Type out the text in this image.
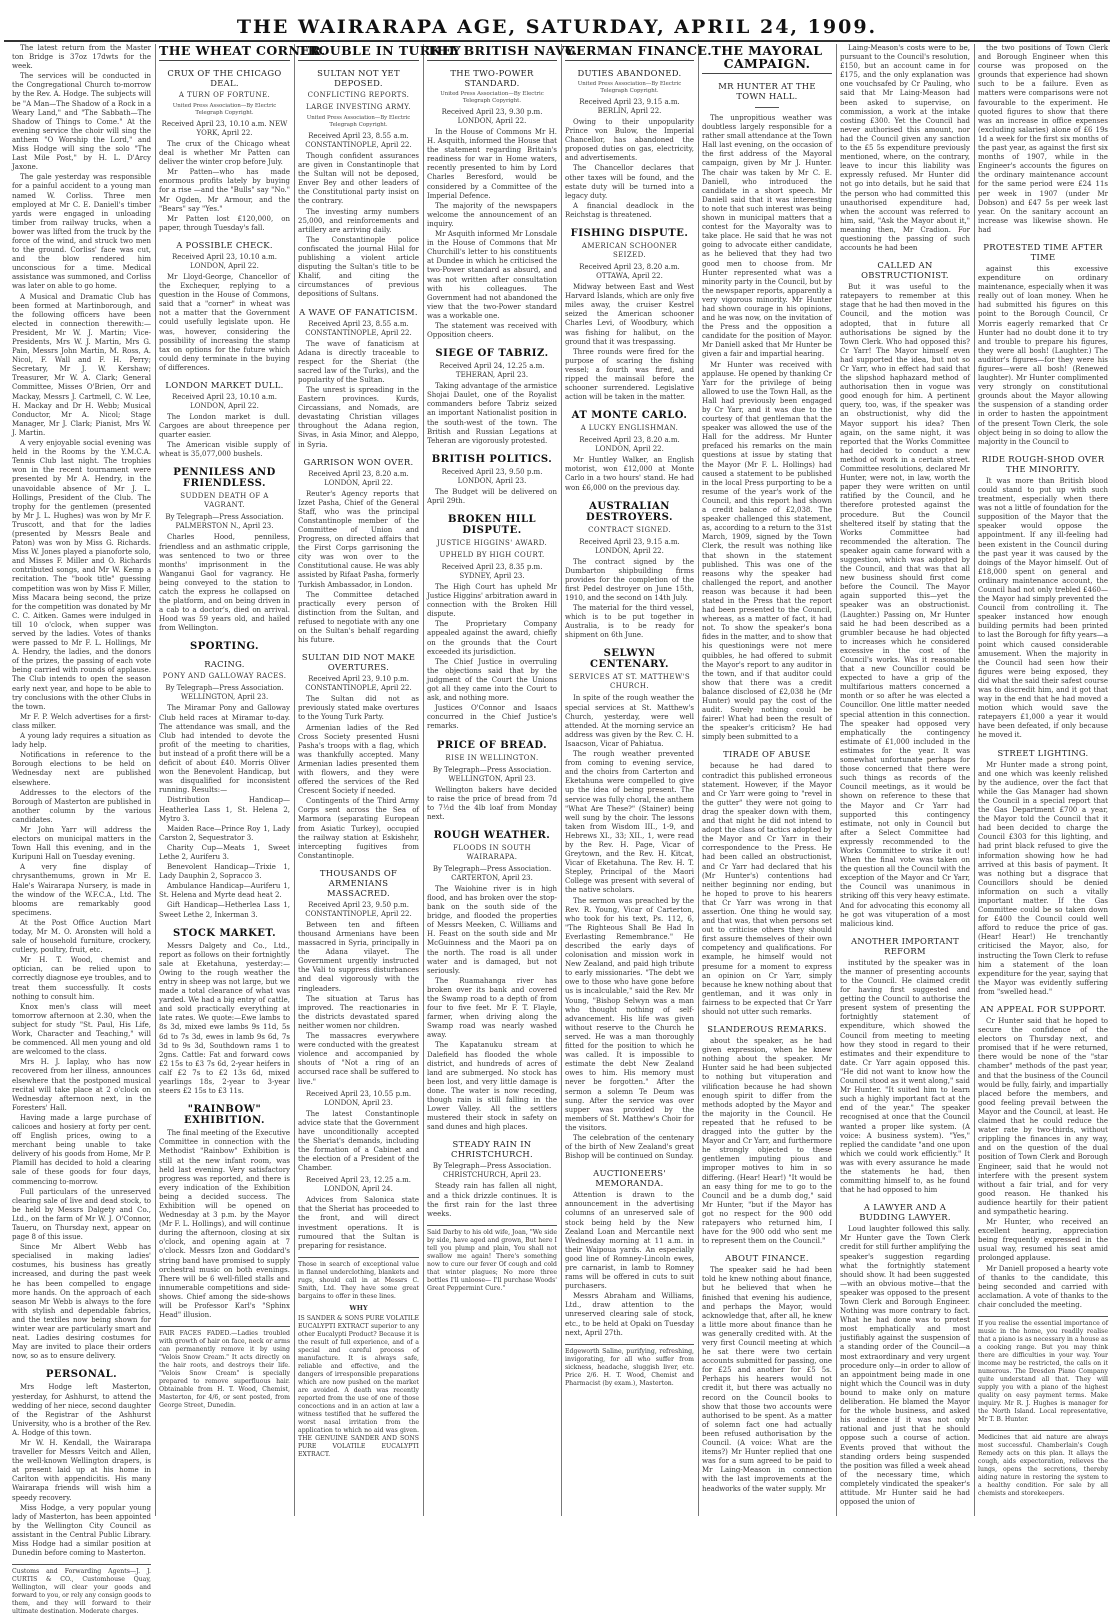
THE WAIRARAPA AGE, SATURDAY, APRIL 24, 1909.
The latest return from the Master ton Bridge is 37oz 17dwts for the week.
The services will be conducted in the Congregational Church to-morrow by the Rev. A. Hodge. The subjects will be "A Man—The Shadow of a Rock in a Weary Land," and "The Sabbath—The Shadow of Things to Come." At the evening service the choir will sing the anthem "O Worship the Lord," and Miss Hodge will sing the solo "The Last Mile Post," by H. L. D'Arcy Jaxone.
The gale yesterday was responsible for a painful accident to a young man named W. Corliss. Three men employed at Mr C. E. Daniell's timber yards were engaged in unloading timber from railway trucks, when a bower was lifted from the truck by the force of the wind, and struck two men to the ground. Corliss' face was cut, and the blow rendered him unconscious for a time. Medical assistance was summoned, and Corliss was later on able to go home.
A Musical and Dramatic Club has been formed at Martinborough, and the following officers have been elected in connection therewith:—President, Mr W. J. Martin; Vice-Presidents, Mrs W. J. Martin, Mrs G. Pain, Messrs John Martin, M. Ross, A. Nicol, F. Wall and F. H. Perry; Secretary, Mr J. W. Kershaw; Treasurer, Mr W. A. Clark; General Committee, Misses O'Brien, Orr and Mackay, Messrs J. Cartmell, C. W. Lee, H. Mackay and Dr H. Webb; Musical Conductor, Mr A. Nicol; Stage Manager, Mr J. Clark; Pianist, Mrs W. J. Martin.
A very enjoyable social evening was held in the Rooms by the Y.M.C.A. Tennis Club last night. The trophies won in the recent tournament were presented by Mr A. Hendry, in the unavoidable absence of Mr J. L. Hollings, President of the Club. The trophy for the gentlemen (presented by Mr J. L. Hughes) was won by Mr F. Truscott, and that for the ladies (presented by Messrs Beale and Paton) was won by Miss G. Richards. Miss W. Jones played a pianoforte solo, and Misses F. Miller and O. Richards contributed songs, and Mr W. Kemp a recitation. The "book title" guessing competition was won by Miss F. Miller, Miss Macara being second, the prize for the competition was donated by Mr C. C. Aitken. Games were indulged in till 10 o'clock, when supper was served by the ladies. Votes of thanks were passed to Mr F. L. Hollings, Mr A. Hendry, the ladies, and the donors of the prizes, the passing of each vote being carried with rounds of applause. The Club intends to open the season early next year, and hope to be able to try conclusions with the other Clubs in the town.
Mr F. P. Welch advertises for a first-class milker.
A young lady requires a situation as lady help.
Notifications in reference to the Borough elections to be held on Wednesday next are published elsewhere.
Addresses to the electors of the Borough of Masterton are published in another column by the various candidates.
Mr John Yarr will address the electors on municipal matters in the Town Hall this evening, and in the Kuripuni Hall on Tuesday evening.
A very fine display of chrysanthemums, grown in Mr E. Hale's Wairarapa Nursery, is made in the window of the W.F.C.A., Ltd. The blooms are remarkably good specimens.
At the Post Office Auction Mart today, Mr M. O. Aronsten will hold a sale of household furniture, crockery, cutlery, poultry, fruit, etc.
Mr H. T. Wood, chemist and optician, can be relied upon to correctly diagnose eye troubles, and to treat them successfully. It costs nothing to consult him.
Knox men's class will meet tomorrow afternoon at 2.30, when the subject for study "St. Paul, His Life, Work, Character and Teaching," will be commenced. All men young and old are welcomed to the class.
Mrs H. J. Iaplay, who has now recovered from her illness, announces elsewhere that the postponed musical recital will take place at 2 o'clock on Wednesday afternoon next, in the Foresters' Hall.
Having made a large purchase of calicoes and hosiery at forty per cent. off English prices, owing to a merchant being unable to take delivery of his goods from Home, Mr P. Plamill has decided to hold a clearing sale of these goods for four days, commencing to-morrow.
Full particulars of the unreserved clearing sale of live and dead stock, to be held by Messrs Dalgety and Co., Ltd., on the farm of Mr W. J. O'Connor, Taueru, on Thursday next, appear on page 8 of this issue.
Since Mr Albert Webb has specialised in making ladies' costumes, his business has greatly increased, and during the past week he has been compelled to engage more hands. On the approach of each season Mr Webb is always to the fore with stylish and dependable fabrics, and the textiles now being shown for winter wear are particularly smart and neat. Ladies desiring costumes for May are invited to place their orders now, so as to ensure delivery.
PERSONAL.
Mrs Hodge left Masterton, yesterday, for Ashhurst, to attend the wedding of her niece, second daughter of the Registrar of the Ashhurst University, who is a brother of the Rev. A. Hodge of this town.
Mr W. H. Kendall, the Wairarapa traveller for Messrs Veitch and Allen, the well-known Wellington drapers, is at present laid up at his home in Carlton with appendicitis. His many Wairarapa friends will wish him a speedy recovery.
Miss Hodge, a very popular young lady of Masterton, has been appointed by the Wellington City Council as assistant in the Central Public Library. Miss Hodge had a similar position at Dunedin before coming to Masterton.
Customs and Forwarding Agents—J. J. CURTIS & CO., Customhouse Quay, Wellington, will clear your goods and forward to you, or rely any consign goods to them, and they will forward to their ultimate destination. Moderate charges.
THE WHEAT CORNER.
CRUX OF THE CHICAGO DEAL.
A TURN OF FORTUNE.
United Press Association—By Electric Telegraph Copyright.
Received April 23, 10.10 a.m. NEW YORK, April 22.
The crux of the Chicago wheat deal is whether Mr Patten can deliver the winter crop before July.
Mr Patten—who has made enormous profits lately by buying for a rise —and the "Bulls" say "No." Mr Ogden, Mr Armour, and the "Bears" say "Yes."
Mr Patten lost £120,000, on paper, through Tuesday's fall.
A POSSIBLE CHECK.
Received April 23, 10.10 a.m. LONDON, April 22.
Mr Lloyd-George, Chancellor of the Exchequer, replying to a question in the House of Commons, said that a "corner" in wheat was not a matter that the Government could usefully legislate upon. He was, however, considering the possibility of increasing the stamp tax on options for the future which could deny terminate in the buying of differences.
LONDON MARKET DULL.
Received April 23, 10.10 a.m. LONDON, April 22.
The London market is dull. Cargoes are about threepence per quarter easier.
The American visible supply of wheat is 35,077,000 bushels.
PENNILESS AND FRIENDLESS.
SUDDEN DEATH OF A VAGRANT.
By Telegraph—Press Association. PALMERSTON N., April 23.
Charles Hood, penniless, friendless and an asthmatic cripple, was sentenced to two or three months' imprisonment in the Wanganui Gaol for vagrancy. He being conveyed to the station to catch the express he collapsed on the platform, and on being driven in a cab to a doctor's, died on arrival. Hood was 59 years old, and hailed from Wellington.
SPORTING.
RACING.
PONY AND GALLOWAY RACES.
By Telegraph—Press Association. WELLINGTON, April 23.
The Miramar Pony and Galloway Club held races at Miramar to-day. The attendance was small, and the Club had intended to devote the profit of the meeting to charities, but instead of a profit there will be a deficit of about £40. Morris Oliver won the Benevolent Handicap, but was disqualified for inconsistent running. Results:—
Distribution Handicap—Heatherlea Lass 1, St. Helena 2, Mytro 3.
Maiden Race—Prince Roy 1, Lady Carston 2, Sequestrator 3.
Charity Cup—Meats 1, Sweet Lethe 2, Auriferu 3.
Benevolent Handicap—Trixie 1, Lady Dauphin 2, Sopracco 3.
Ambulance Handicap—Auriferu 1, St. Helena and Myrte dead heat 2.
Gift Handicap—Hetherlea Lass 1, Sweet Lethe 2, Inkerman 3.
STOCK MARKET.
Messrs Dalgety and Co., Ltd., report as follows on their fortnightly sale at Eketahuna, yesterday:—Owing to the rough weather the entry in sheep was not large, but we made a total clearance of what was yarded. We had a big entry of cattle, and sold practically everything at late rates. We quote:—Ewe lambs to 8s 3d, mixed ewe lambs 9s 11d, 5s 6d to 7s 3d, ewes in lamb 9s 6d, 7s 3d to 9s 3d, Southdown rams 1 to 2gns. Cattle: Fat and forward cows £2 15s to £3 7s 6d, 2-year heifers in calf £2 7s to £2 13s 6d, mixed yearlings 18s, 2-year to 3-year steers £2 15s to £3 11s.
"RAINBOW" EXHIBITION.
The final meeting of the Executive Committee in connection with the Methodist "Rainbow" Exhibition is still at the new infant room, was held last evening. Very satisfactory progress was reported, and there is every indication of the Exhibition being a decided success. The Exhibition will be opened on Wednesday at 3 p.m. by the Mayor (Mr F. L. Hollings), and will continue during the afternoon, closing at six o'clock, and opening again at 7 o'clock. Messrs Izon and Goddard's string band have promised to supply orchestral music on both evenings. There will be 6 well-filled stalls and innumerable competitions and side-shows. Chief among the side-shows will be Professor Karl's "Sphinx Head" illusion.
FAIR FACES FADED.—Ladies troubled with growth of hair on face, neck or arms can permanently remove it by using "Velois Snow Cream." It acts directly on the hair roots, and destroys their life. "Velois Snow Cream" is specially prepared to remove superfluous hair. Obtainable from H. T. Wood, Chemist, Masterton, for 4/6, or sent posted, from George Street, Dunedin.
TROUBLE IN TURKEY
SULTAN NOT YET DEPOSED.
CONFLICTING REPORTS.
LARGE INVESTING ARMY.
United Press Association—By Electric Telegraph Copyright.
Received April 23, 8.55 a.m. CONSTANTINOPLE, April 22.
Though confident assurances are given in Constantinople that the Sultan will not be deposed, Enver Bey and other leaders of the Constitutional party insist on the contrary.
The investing army numbers 25,000, and reinforcements and artillery are arriving daily.
The Constantinople police confiscated the journal Hilal for publishing a violent article disputing the Sultan's title to be Khalif, and citing the circumstances of previous depositions of Sultans.
A WAVE OF FANATICISM.
Received April 23, 8.55 a.m. CONSTANTINOPLE, April 22.
The wave of fanaticism at Adana is directly traceable to respect for the Sheriat (the sacred law of the Turks), and the popularity of the Sultan.
The unrest is spreading in the Eastern provinces. Kurds, Circassians, and Nomads, are devastating Christian villages throughout the Adana region, Sivas, in Asia Minor, and Aleppo, in Syria.
GARRISON WON OVER.
Received April 23, 8.20 a.m. LONDON, April 22.
Reuter's Agency reports that Izzet Pasha, Chief of the General Staff, who was the principal Constantinople member of the Committee of Union and Progress, on directed affairs that the First Corps garrisoning the city was won over to the Constitutional cause. He was ably assisted by Rifaat Pasha, formerly Turkish Ambassador, in London.
The Committee detached practically every person of distinction from the Sultan, and refused to negotiate with any one on the Sultan's behalf regarding his future.
SULTAN DID NOT MAKE OVERTURES.
Received April 23, 9.10 p.m. CONSTANTINOPLE, April 22.
The Sultan did not as previously stated make overtures to the Young Turk Party.
Armenian ladies of the Red Cross Society presented Husni Pasha's troops with a flag, which was thankfully accepted. Many Armenian ladies presented them with flowers, and they were offered the services of the Red Crescent Society if needed.
Contingents of the Third Army Corps sent across the Sea of Marmora (separating European from Asiatic Turkey), occupied the railway station at Eskishehr, intercepting fugitives from Constantinople.
THOUSANDS OF ARMENIANS MASSACRED.
Received April 23, 9.50 p.m. CONSTANTINOPLE, April 22.
Between ten and fifteen thousand Armenians have been massacred in Syria, principally in the Adana vilayet. The Government urgently instructed the Vali to suppress disturbances and deal vigorously with the ringleaders.
The situation at Tarus has improved. The reactionaries in the districts devastated spared neither women nor children.
The massacres everywhere were conducted with the greatest violence and accompanied by shouts of "Not a ring of an accursed race shall be suffered to live."
Received April 23, 10.55 p.m. LONDON, April 23.
The latest Constantinople advice state that the Government have unconditionally accepted the Sheriat's demands, including the formation of a Cabinet and the election of a President of the Chamber.
Received April 23, 12.25 a.m. LONDON, April 24.
Advices from Salonica state that the Sheriat has proceeded to the front, and will direct investment operations. It is rumoured that the Sultan is preparing for resistance.
Those in search of exceptional value in flannel underclothing, blankets and rugs, should call in at Messrs C. Smith, Ltd. They have some great bargains to offer in these lines.
WHY
IS SANDER & SONS PURE VOLATILE EUCALYPTI EXTRACT superior to any other Eucalypti Product? Because it is the result of full experience, and of a special and careful process of manufacture. It is always safe, reliable and effective, and the dangers of irresponsible preparations which are now pushed on the market are avoided. A death was recently reported from the use of one of those concoctions and in an action at law a witness testified that he suffered the worst nasal irritation from the application to which no aid was given. THE GENUINE SANDER AND SONS PURE VOLATILE EUCALYPTI EXTRACT.
THE BRITISH NAVY.
THE TWO-POWER STANDARD.
United Press Association—By Electric Telegraph Copyright.
Received April 23, 9.30 p.m. LONDON, April 22.
In the House of Commons Mr H. H. Asquith, informed the House that the statement regarding Britain's readiness for war in Home waters, recently presented to him by Lord Charles Beresford, would be considered by a Committee of the Imperial Defence.
The majority of the newspapers welcome the announcement of an inquiry.
Mr Asquith informed Mr Lonsdale in the House of Commons that Mr Churchill's letter to his constituents at Dundee in which he criticised the two-Power standard as absurd, and was not written after consultation with his colleagues. The Government had not abandoned the view that the two-Power standard was a workable one.
The statement was received with Opposition cheers.
SIEGE OF TABRIZ.
Received April 24, 12.25 a.m. TEHERAN, April 23.
Taking advantage of the armistice Shojai Daulet, one of the Royalist commanders before Tabriz seized an important Nationalist position in the south-west of the town. The British and Russian Legations at Teheran are vigorously protested.
BRITISH POLITICS.
Received April 23, 9.50 p.m. LONDON, April 23.
The Budget will be delivered on April 29th.
BROKEN HILL DISPUTE.
JUSTICE HIGGINS' AWARD.
UPHELD BY HIGH COURT.
Received April 23, 8.35 p.m. SYDNEY, April 23.
The High Court has upheld Mr Justice Higgins' arbitration award in connection with the Broken Hill dispute.
The Proprietary Company appealed against the award, chiefly on the grounds that the Court exceeded its jurisdiction.
The Chief Justice in overruling the objections said that by the judgment of the Court the Unions got all they came into the Court to ask, and nothing more.
Justices O'Connor and Isaacs concurred in the Chief Justice's remarks.
PRICE OF BREAD.
RISE IN WELLINGTON.
By Telegraph—Press Association. WELLINGTON, April 23.
Wellington bakers have decided to raise the price of bread from 7d to 7½d the 4lb loaf from Monday next.
ROUGH WEATHER.
FLOODS IN SOUTH WAIRARAPA.
By Telegraph—Press Association. CARTERTON, April 23.
The Waiohine river is in high flood, and has broken over the stop-bank on the south side of the bridge, and flooded the properties of Messrs Meeken, C. Williams and H. Feast on the south side and Mr McGuinness and the Maori pa on the north. The road is all under water and is damaged, but not seriously.
The Ruamahanga river has broken over its bank and covered the Swamp road to a depth of from four to five feet. Mr F. T. Flayle, farmer, when driving along the Swamp road was nearly washed away.
The Kapatanuku stream at Dalefield has flooded the whole district, and hundreds of acres of land are submerged. No stock has been lost, and very little damage is done. The water is now receding, though rain is still falling in the Lower Valley. All the settlers mustered their stock in safety on sand dunes and high places.
STEADY RAIN IN CHRISTCHURCH.
By Telegraph—Press Association. CHRISTCHURCH, April 23.
Steady rain has fallen all night, and a thick drizzle continues. It is the first rain for the last three weeks.
Said Darby to his old wife, Joan, "We side by side, have aged and grown, But here I tell you plump and plain, You shall not swallow me again! There's something now to cure our fever Of cough and cold that winter plagues; No more three bottles I'll unloose— I'll purchase Woods' Great Peppermint Cure."
GERMAN FINANCE.
DUTIES ABANDONED.
United Press Association—By Electric Telegraph Copyright.
Received April 23, 9.15 a.m. BERLIN, April 22.
Owing to their unpopularity Prince von Bulow, the Imperial Chancellor, has abandoned the proposed duties on gas, electricity, and advertisements.
The Chancellor declares that other taxes will be found, and the estate duty will be turned into a legacy duty.
A financial deadlock in the Reichstag is threatened.
FISHING DISPUTE.
AMERICAN SCHOONER SEIZED.
Received April 23, 8.20 a.m. OTTAWA, April 22.
Midway between East and West Harvard Islands, which are only five miles away, the cruiser Kestrel seized the American schooner Charles Levi, of Woodbury, which was fishing for halibut, on the ground that it was trespassing.
Three rounds were fired for the purpose of scaring the fishing vessel; a fourth was fired, and ripped the mainsail before the schooner surrendered. Legislative action will be taken in the matter.
AT MONTE CARLO.
A LUCKY ENGLISHMAN.
Received April 23, 8.20 a.m. LONDON, April 22.
Mr Huntley Walker, an English motorist, won £12,000 at Monte Carlo in a two hours' stand. He had won £6,000 on the previous day.
AUSTRALIAN DESTROYERS.
CONTRACT SIGNED.
Received April 23, 9.15 a.m. LONDON, April 22.
The contract signed by the Dumbarton shipbuilding firms provides for the completion of the first Pedel destroyer on June 15th, 1910, and the second on 14th July.
The material for the third vessel, which is to be put together in Australia, is to be ready for shipment on 6th June.
SELWYN CENTENARY.
SERVICES AT ST. MATTHEW'S CHURCH.
In spite of the rough weather the special services at St. Matthew's Church, yesterday, were well attended. At the morning service an address was given by the Rev. C. H. Isaacson, Vicar of Pahiatua.
The rough weather prevented from coming to evening service, and the choirs from Carterton and Eketahuna were compelled to give up the idea of being present. The service was fully choral, the anthem "What Are These?" (Stainer) being well sung by the choir. The lessons taken from Wisdom III., 1-9, and Hebrews XI., 33; XII., 1, were read by the Rev. H. Page, Vicar of Greytown, and the Rev. H. Kitcat, Vicar of Eketahuna. The Rev. H. T. Stepley, Principal of the Maori College was present with several of the native scholars.
The sermon was preached by the Rev. R. Young, Vicar of Carterton, who took for his text, Ps. 112, 6, "The Righteous Shall Be Had In Everlasting Remembrance." He described the early days of colonisation and mission work in New Zealand, and paid high tribute to early missionaries. "The debt we owe to those who have gone before us is incalculable," said the Rev. Mr Young, "Bishop Selwyn was a man who thought nothing of self-advancement. His life was given without reserve to the Church he served. He was a man thoroughly fitted for the position to which he was called. It is impossible to estimate the debt New Zealand owes to him. His memory must never be forgotten." After the sermon a solemn Te Deum was sung. After the service was over supper was provided by the members of St. Matthew's Choir for the visitors.
The celebration of the centenary of the birth of New Zealand's great Bishop will be continued on Sunday.
AUCTIONEERS' MEMORANDA.
Attention is drawn to the announcement in the advertising columns of an unreserved sale of stock being held by the New Zealand Loan and Mercantile next Wednesday morning at 11 a.m. in their Waipoua yards. An especially good line of Romney-Lincoln ewes, pre carnarist, in lamb to Romney rams will be offered in cuts to suit purchasers.
Messrs Abraham and Williams, Ltd., draw attention to the unreserved clearing sale of stock, etc., to be held at Opaki on Tuesday next, April 27th.
Edgeworth Saline, purifying, refreshing, invigorating, for all who suffer from sickness, headache, sluggish liver, etc. Price 2/6. H. T. Wood, Chemist and Pharmacist (by exam.), Masterton.
THE MAYORAL CAMPAIGN.
MR HUNTER AT THE TOWN HALL.
The unpropitious weather was doubtless largely responsible for a rather small attendance at the Town Hall last evening, on the occasion of the first address of the Mayoral campaign, given by Mr J. Hunter. The chair was taken by Mr C. E. Daniell, who introduced the candidate in a short speech. Mr Daniell said that it was interesting to note that such interest was being shown in municipal matters that a contest for the Mayoralty was to take place. He said that he was not going to advocate either candidate, as he believed that they had two good men to choose from. Mr Hunter represented what was a minority party in the Council, but by the newspaper reports, apparently a very vigorous minority. Mr Hunter had shown courage in his opinions, and he was now, on the invitation of the Press and the opposition a candidate for the position of Mayor. Mr Daniell asked that Mr Hunter be given a fair and impartial hearing.
Mr Hunter was received with applause. He opened by thanking Cr Yarr for the privilege of being allowed to use the Town Hall, as the Hall had previously been engaged by Cr Yarr, and it was due to the courtesy of that gentleman that the speaker was allowed the use of the Hall for the address. Mr Hunter prefaced his remarks on the main questions at issue by stating that the Mayor (Mr F. L. Hollings) had caused a statement to be published in the local Press purporting to be a resume of the year's work of the Council, and this report had shown a credit balance of £2,038. The speaker challenged this statement, as, according to a return to the 31st March, 1909, signed by the Town Clerk, the result was nothing like that shown in the statement published. This was one of the reasons why the speaker had challenged the report, and another reason was because it had been stated in the Press that the report had been presented to the Council, whereas, as a matter of fact, it had not. To show the speaker's bona fides in the matter, and to show that his questionings were not mere quibbles, he had offered to submit the Mayor's report to any auditor in the town, and if that auditor could show that there was a credit balance disclosed of £2,038 he (Mr Hunter) would pay the cost of the audit. Surely nothing could be fairer! What had been the result of the speaker's criticism? He had simply been submitted to a
TIRADE OF ABUSE
because he had dared to contradict this published erroneous statement. However, if the Mayor and Cr Yarr were going to "revel in the gutter" they were not going to drag the speaker down with them, and that night he did not intend to adopt the class of tactics adopted by the Mayor and Cr Yarr in their correspondence to the Press. He had been called an obstructionist, and Cr Yarr had declared that his (Mr Hunter's) contentions had neither beginning nor ending, but he hoped to prove to his hearers that Cr Yarr was wrong in that assertion. One thing he would say, and that was, that when persons set out to criticise others they should first assure themselves of their own competency and qualifications. For example, he himself would not presume for a moment to express an opinion on Cr Yarr, simply because he knew nothing about that gentleman, and it was only in fairness to be expected that Cr Yarr should not utter such remarks.
SLANDEROUS REMARKS.
about the speaker, as he had given expression, when he knew nothing about the speaker. Mr Hunter said he had been subjected to nothing but vituperation and vilification because he had shown enough spirit to differ from the methods adopted by the Mayor and the majority in the Council. He repeated that he refused to be dragged into the gutter by the Mayor and Cr Yarr, and furthermore he strongly objected to these gentlemen imputing pious and improper motives to him in so differing. (Hear! Hear!) "It would be an easy thing for me to go to the Council and be a dumb dog," said Mr Hunter, "but if the Mayor has got no respect for the 900 odd ratepayers who returned him, I have for the 900 odd who sent me to represent them on the Council."
ABOUT FINANCE.
The speaker said he had been told he knew nothing about finance, but he believed that when he finished that evening his audience, and perhaps the Mayor, would acknowledge that, after all, he knew a little more about finance than he was generally credited with. At the very first Council meeting at which he sat there were two certain accounts submitted for passing, one for £25 and another for £5 5s. Perhaps his hearers would not credit it, but there was actually no record on the Council books to show that those two accounts were authorised to be spent. As a matter of solemn fact one had actually been refused authorisation by the Council. (A voice: What are the items?) Mr Hunter replied that one was for a sum agreed to be paid to Mr Laing-Meason in connection with the last improvements at the headworks of the water supply. Mr
Laing-Meason's costs were to be, pursuant to the Council's resolution, £150, but an account came in for £175, and the only explanation was one vouchsafed by Cr Pauling, who said that Mr Laing-Meason had been asked to supervise, on commission, a work at the intake costing £300. Yet the Council had never authorised this amount, nor had the Council given any sanction to the £5 5s expenditure previously mentioned, where, on the contrary, leave to incur this liability was expressly refused. Mr Hunter did not go into details, but he said that the person who had committed this unauthorised expenditure had, when the account was referred to him, said, "Ask the Mayor about it," meaning then, Mr Cradion. For questioning the passing of such accounts he had been
CALLED AN OBSTRUCTIONIST.
But it was useful to the ratepayers to remember at this stage that he had then moved in the Council, and the motion was adopted, that in future all authorisations be signed by the Town Clerk. Who had opposed this? Cr Yarr! The Mayor himself even had supported the idea, but not so Cr Yarr, who in effect had said that the slipshod haphazard method of authorisation then in vogue was good enough for him. A pertinent query, too, was, if the speaker was an obstructionist, why did the Mayor support his idea? Then again, on the same night, it was reported that the Works Committee had decided to conduct a new method of work in a certain street. Committee resolutions, declared Mr Hunter, were not, in law, worth the paper they were written on until ratified by the Council, and he therefore protested against the procedure. But the Council sheltered itself by stating that the Works Committee had recommended the alteration. The speaker again came forward with a suggestion, which was adopted by the Council, and that was that all new business should first come before the Council. The Mayor again supported this—yet the speaker was an obstructionist. (Laughter.) Passing on, Mr Hunter said he had been described as a grumbler because he had objected to increases which he considered excessive in the cost of the Council's works. Was it reasonable that a new Councillor could be expected to have a grip of the multifarious matters concerned a month or so after he was elected a Councillor. One little matter needed special attention in this connection. The speaker had opposed very emphatically the contingency estimate of £1,000 included in the estimates for the year. It was somewhat unfortunate perhaps for those concerned that there were such things as records of the Council meetings, as it would be shown on reference to these that the Mayor and Cr Yarr had supported this contingency estimate, not only in Council but after a Select Committee had expressly recommended to the Works Committee to strike it out! When the final vote was taken on the question all the Council with the exception of the Mayor and Cr Yarr, the Council was unanimous in striking off this very heavy estimate. And for advocating this economy all he got was vituperation of a most malicious kind.
ANOTHER IMPORTANT REFORM
instituted by the speaker was in the manner of presenting accounts to the Council. He claimed credit for having first suggested and getting the Council to authorise the present system of presenting the fortnightly statement of expenditure, which showed the Council from meeting to meeting how they stood in regard to their estimates and their expenditure to date. Cr Yarr again opposed this. "He did not want to know how the Council stood as it went along," said Mr Hunter. "It suited him to learn such a highly important fact at the end of the year." The speaker recognised at once that the Council wanted a proper like system. (A voice: A business system). "Yes," replied the candidate "and one upon which we could work efficiently." It was with every assurance he made the statements he had, then committing himself to, as he found that he had opposed to him
A LAWYER AND A BUDDING LAWYER.
Loud laughter followed this sally. Mr Hunter gave the Town Clerk credit for still further amplifying the speaker's suggestion regarding what the fortnightly statement should show. It had been suggested —with an obvious motive—that the speaker was opposed to the present Town Clerk and Borough Engineer. Nothing was more contrary to fact. What he had done was to protest most emphatically and most justifiably against the suspension of a standing order of the Council—a most extraordinary and very urgent procedure only—in order to allow of an appointment being made in one night which the Council was in duty bound to make only on mature deliberation. He blamed the Mayor for the whole business, and asked his audience if it was not only rational and just that he should oppose such a course of action. Events proved that without the standing orders being suspended the position was filled a week ahead of the necessary time, which completely vindicated the speaker's attitude. Mr Hunter said he had opposed the union of
the two positions of Town Clerk and Borough Engineer when this course was proposed on the grounds that experience had shown such to be a failure. Even as matters were comparisons were not favourable to the experiment. He quoted figures to show that there was an increase in office expenses (excluding salaries) alone of £6 19s 1d a week for the first six months of the past year, as against the first six months of 1907, while in the Engineer's accounts the figures on the ordinary maintenance account for the same period were £24 11s per week in 1907 (under Mr Dobson) and £47 5s per week last year. On the sanitary account an increase was likewise shown. He had
PROTESTED TIME AFTER TIME
against this excessive expenditure on ordinary maintenance, especially when it was really out of loan money. When he had submitted his figures on this point to the Borough Council, Cr Morris eagerly remarked that Cr Hunter had no doubt done it to try and trouble to prepare his figures, they were all bosh! (Laughter.) The auditor's figures—for they were his figures—were all bosh! (Renewed laughter). Mr Hunter complimented very strongly on constitutional grounds about the Mayor allowing the suspension of a standing order in order to hasten the appointment of the present Town Clerk, the sole object being in so doing to allow the majority in the Council to
RIDE ROUGH-SHOD OVER THE MINORITY.
It was more than British blood could stand to put up with such treatment, especially when there was not a little of foundation for the supposition of the Mayor that the speaker would oppose the appointment. If any ill-feeling had been existent in the Council during the past year it was caused by the doings of the Mayor himself. Out of £18,000 spent on general and ordinary maintenance account, the Council had not only trebled £460—the Mayor had simply prevented the Council from controlling it. The speaker instanced how enough building permits had been printed to last the Borough for fifty years—a point which caused considerable amusement. When the majority in the Council had seen how their figures were being exposed, they did what the said their safest course was to discredit him, and it got that way in the end that he had moved a motion which would save the ratepayers £1,000 a year it would have been defeated, if only because he moved it.
STREET LIGHTING.
Mr Hunter made a strong point, and one which was keenly relished by the audience, over the fact that while the Gas Manager had shown the Council in a special report that the Gas Department £700 a year, the Mayor told the Council that it had been decided to charge the Council £303 for this lighting, and had print black refused to give the information showing how he had arrived at this basis of payment. It was nothing but a disgrace that Councillors should be denied information on such a vitally important matter. If the Gas Committee could be so taken down for £400 the Council could well afford to reduce the price of gas. (Hear! Hear!) He trenchantly criticised the Mayor, also, for instructing the Town Clerk to refuse him a statement of the loan expenditure for the year, saying that the Mayor was evidently suffering from "swelled head."
AN APPEAL FOR SUPPORT.
Cr Hunter said that he hoped to secure the confidence of the electors on Thursday next, and promised that if he were returned, there would be none of the "star chamber" methods of the past year, and that the business of the Council would be fully, fairly, and impartially placed before the members, and good feeling prevail between the Mayor and the Council, at least. He claimed that he could reduce the water rate by two-thirds, without crippling the finances in any way, and on the question of the dual position of Town Clerk and Borough Engineer, said that he would not interfere with the present system without a fair trial, and for very good reason. He thanked his audience heartily for their patient and sympathetic hearing.
Mr Hunter, who received an excellent hearing, appreciation being frequently expressed in the usual way, resumed his seat amid prolonged applause.
Mr Daniell proposed a hearty vote of thanks to the candidate, this being seconded and carried with acclamation. A vote of thanks to the chair concluded the meeting.
If you realise the essential importance of music in the home, you readily realise that a piano is as necessary in a house as a cooking range. But you may think there are difficulties in your way. Your income may be restricted, the calls on it numerous. The Dresden Piano Company quite understand all that. They will supply you with a piano of the highest quality on easy payment terms. Make inquiry. Mr R. J. Hughes is manager for the North Island. Local representative, Mr T. B. Hunter.
Medicines that aid nature are always most successful. Chamberlain's Cough Remedy acts on this plan. It allays the cough, aids expectoration, relieves the lungs, opens the secretions, thereby aiding nature in restoring the system to a healthy condition. For sale by all chemists and storekeepers.
